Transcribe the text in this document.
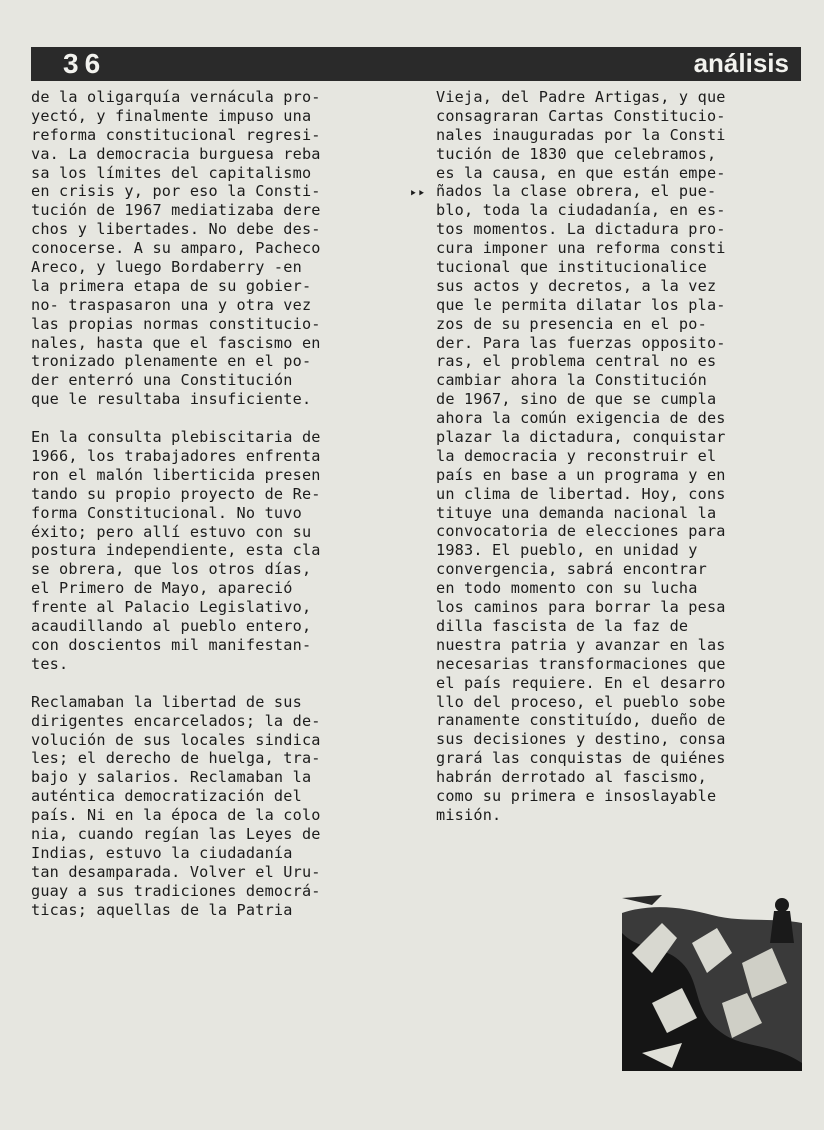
36	análisis
de la oligarquía vernácula pro-
yectó, y finalmente impuso una
reforma constitucional regresi-
va. La democracia burguesa reba
sa los límites del capitalismo
en crisis y, por eso la Consti-
tución de 1967 mediatizaba dere
chos y libertades. No debe des-
conocerse. A su amparo, Pacheco
Areco, y luego Bordaberry -en
la primera etapa de su gobier-
no- traspasaron una y otra vez
las propias normas constitucio-
nales, hasta que el fascismo en
tronizado plenamente en el po-
der enterró una Constitución
que le resultaba insuficiente.
En la consulta plebiscitaria de
1966, los trabajadores enfrenta
ron el malón liberticida presen
tando su propio proyecto de Re-
forma Constitucional. No tuvo
éxito; pero allí estuvo con su
postura independiente, esta cla
se obrera, que los otros días,
el Primero de Mayo, apareció
frente al Palacio Legislativo,
acaudillando al pueblo entero,
con doscientos mil manifestan-
tes.
Reclamaban la libertad de sus
dirigentes encarcelados; la de-
volución de sus locales sindica
les; el derecho de huelga, tra-
bajo y salarios. Reclamaban la
auténtica democratización del
país. Ni en la época de la colo
nia, cuando regían las Leyes de
Indias, estuvo la ciudadanía
tan desamparada. Volver el Uru-
guay a sus tradiciones democrá-
ticas; aquellas de la Patria
Vieja, del Padre Artigas, y que
consagraran Cartas Constitucio-
nales inauguradas por la Consti
tución de 1830 que celebramos,
es la causa, en que están empe-
ñados la clase obrera, el pue-
blo, toda la ciudadanía, en es-
tos momentos. La dictadura pro-
cura imponer una reforma consti
tucional que institucionalice
sus actos y decretos, a la vez
que le permita dilatar los pla-
zos de su presencia en el po-
der. Para las fuerzas opposito-
ras, el problema central no es
cambiar ahora la Constitución
de 1967, sino de que se cumpla
ahora la común exigencia de des
plazar la dictadura, conquistar
la democracia y reconstruir el
país en base a un programa y en
un clima de libertad. Hoy, cons
tituye una demanda nacional la
convocatoria de elecciones para
1983. El pueblo, en unidad y
convergencia, sabrá encontrar
en todo momento con su lucha
los caminos para borrar la pesa
dilla fascista de la faz de
nuestra patria y avanzar en las
necesarias transformaciones que
el país requiere. En el desarro
llo del proceso, el pueblo sobe
ranamente constituído, dueño de
sus decisiones y destino, consa
grará las conquistas de quiénes
habrán derrotado al fascismo,
como su primera e insoslayable
misión.
‣‣
